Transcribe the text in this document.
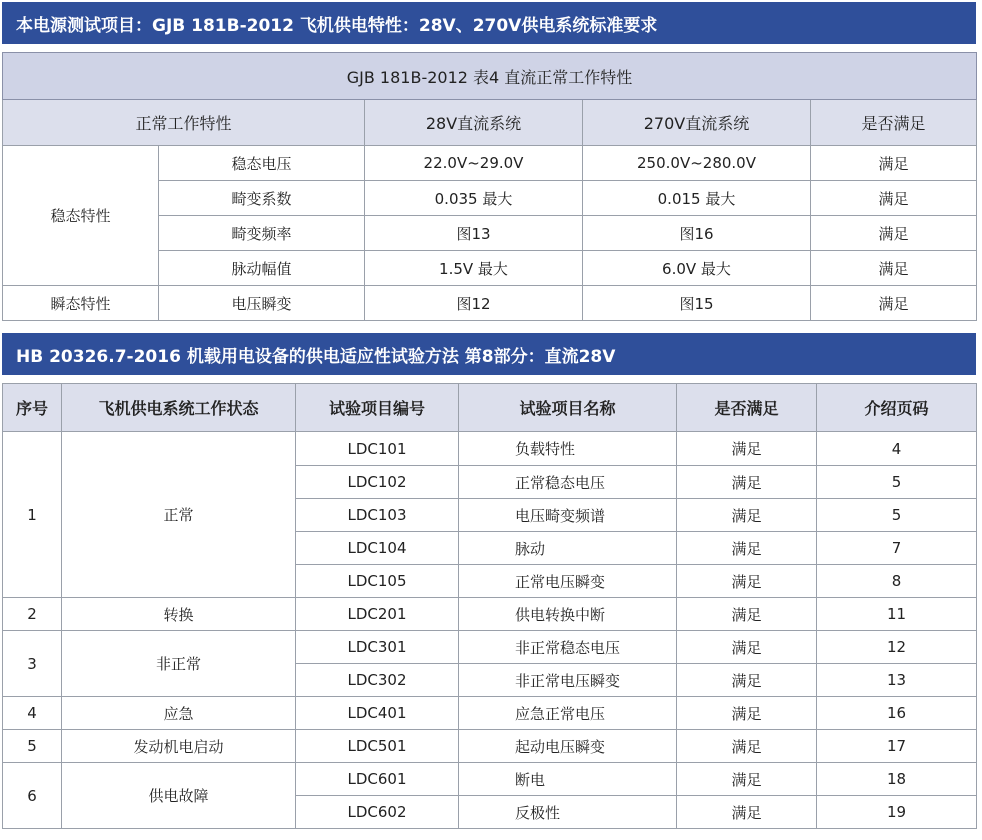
本电源测试项目：GJB 181B-2012 飞机供电特性：28V、270V供电系统标准要求
GJB 181B-2012 表4 直流正常工作特性				
正常工作特性		28V直流系统	270V直流系统	是否满足
稳态特性	稳态电压	22.0V~29.0V	250.0V~280.0V	满足
	畸变系数	0.035 最大	0.015 最大	满足
	畸变频率	图13	图16	满足
	脉动幅值	1.5V 最大	6.0V 最大	满足
瞬态特性	电压瞬变	图12	图15	满足
HB 20326.7-2016 机载用电设备的供电适应性试验方法 第8部分：直流28V
序号	飞机供电系统工作状态	试验项目编号	试验项目名称	是否满足	介绍页码
1	正常	LDC101	负载特性	满足	4
		LDC102	正常稳态电压	满足	5
		LDC103	电压畸变频谱	满足	5
		LDC104	脉动	满足	7
		LDC105	正常电压瞬变	满足	8
2	转换	LDC201	供电转换中断	满足	11
3	非正常	LDC301	非正常稳态电压	满足	12
		LDC302	非正常电压瞬变	满足	13
4	应急	LDC401	应急正常电压	满足	16
5	发动机电启动	LDC501	起动电压瞬变	满足	17
6	供电故障	LDC601	断电	满足	18
		LDC602	反极性	满足	19
